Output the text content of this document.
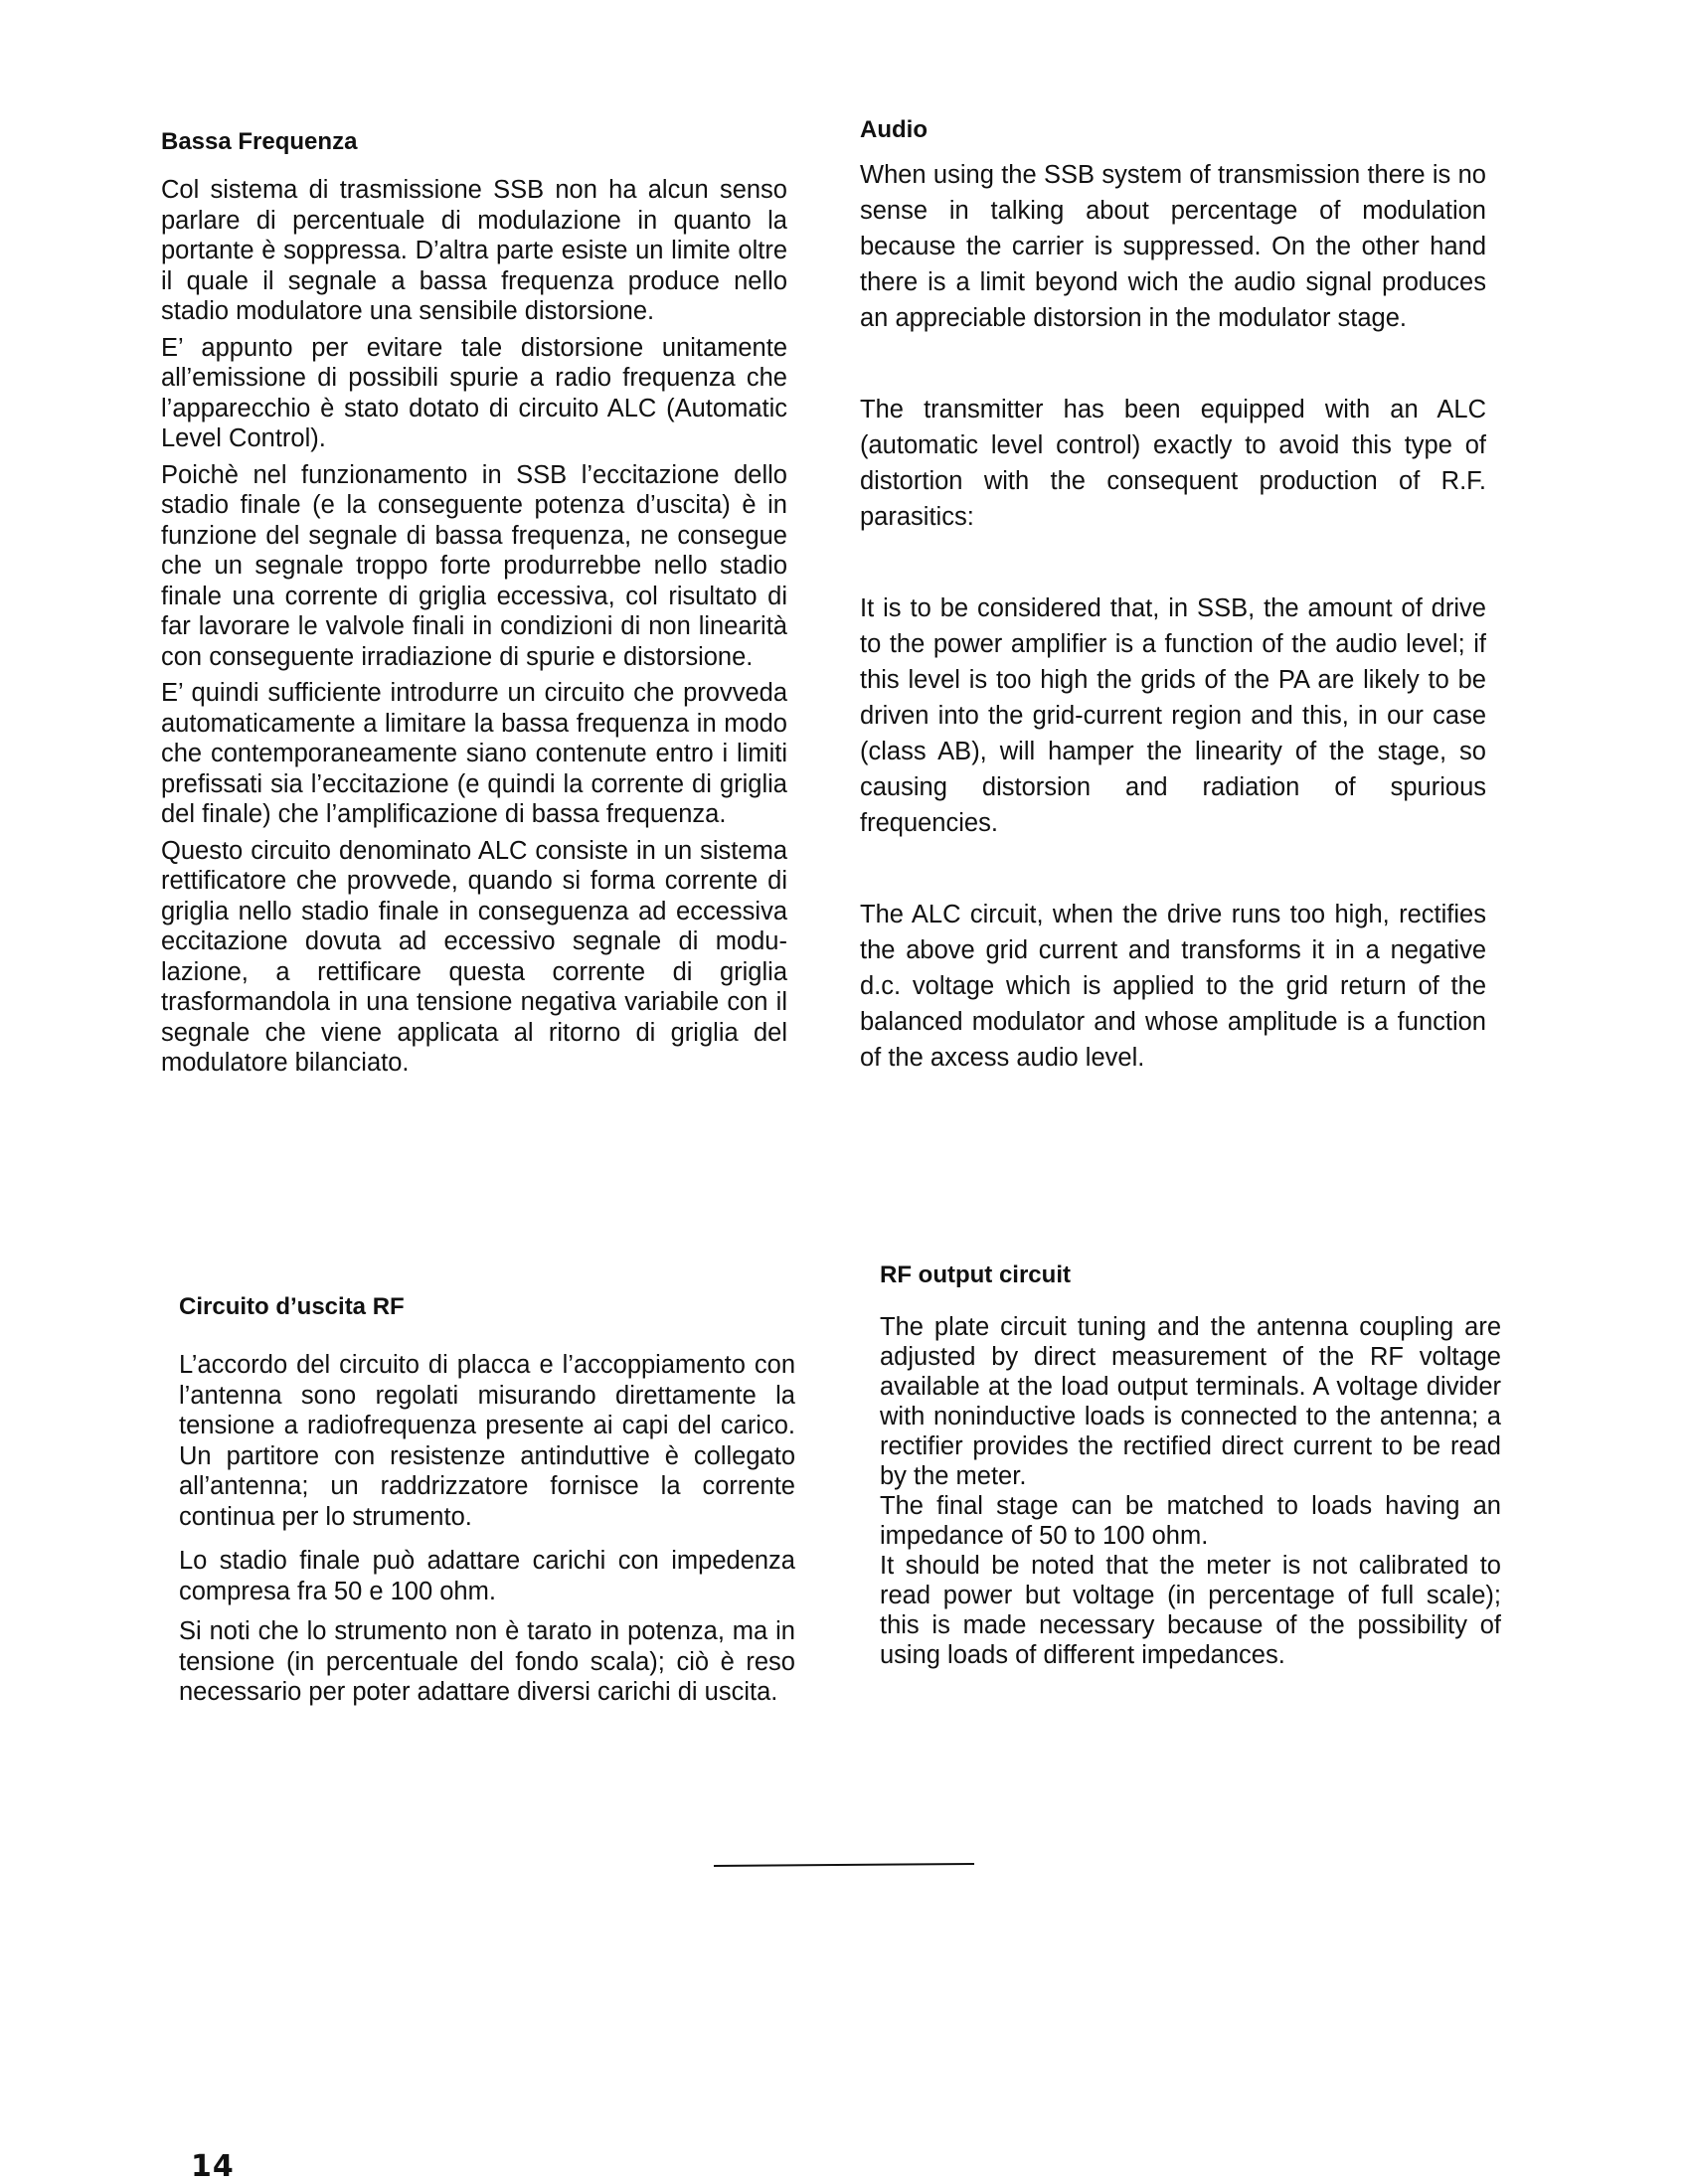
Bassa Frequenza

Col sistema di trasmissione SSB non ha alcun senso parlare di percentuale di modulazione in quanto la portante è soppressa. D’altra parte esiste un limite oltre il quale il segnale a bassa frequenza produce nello stadio modulatore una sensibile distorsione.

E’ appunto per evitare tale distorsione unitamente all’emissione di possibili spurie a radio frequenza che l’apparecchio è stato dotato di circuito ALC (Automatic Level Control).

Poichè nel funzionamento in SSB l’eccitazione dello stadio finale (e la conseguente potenza d’uscita) è in funzione del segnale di bassa frequenza, ne consegue che un segnale troppo forte produrrebbe nello stadio finale una corrente di griglia eccessiva, col risultato di far lavorare le valvole finali in condizioni di non linearità con conseguente irradiazione di spurie e distorsione.

E’ quindi sufficiente introdurre un circuito che provveda automaticamente a limitare la bassa frequenza in modo che contemporaneamente siano contenute entro i limiti prefissati sia l’eccitazione (e quindi la corrente di griglia del finale) che l’amplificazione di bassa frequenza.

Questo circuito denominato ALC consiste in un sistema rettificatore che provvede, quando si forma corrente di griglia nello stadio finale in conseguenza ad eccessiva eccitazione dovuta ad eccessivo segnale di modulazione, a rettificare questa corrente di griglia trasformandola in una tensione negativa variabile con il segnale che viene applicata al ritorno di griglia del modulatore bilanciato.

Circuito d’uscita RF

L’accordo del circuito di placca e l’accoppiamento con l’antenna sono regolati misurando direttamente la tensione a radiofrequenza presente ai capi del carico. Un partitore con resistenze antinduttive è collegato all’antenna; un raddrizzatore fornisce la corrente continua per lo strumento.

Lo stadio finale può adattare carichi con impedenza compresa fra 50 e 100 ohm.

Si noti che lo strumento non è tarato in potenza, ma in tensione (in percentuale del fondo scala); ciò è reso necessario per poter adattare diversi carichi di uscita.

Audio

When using the SSB system of transmission there is no sense in talking about percentage of modulation because the carrier is suppressed. On the other hand there is a limit beyond wich the audio signal produces an appreciable distorsion in the modulator stage.

The transmitter has been equipped with an ALC (automatic level control) exactly to avoid this type of distortion with the consequent production of R.F. parasitics:

It is to be considered that, in SSB, the amount of drive to the power amplifier is a function of the audio level; if this level is too high the grids of the PA are likely to be driven into the grid-current region and this, in our case (class AB), will hamper the linearity of the stage, so causing distorsion and radiation of spurious frequencies.

The ALC circuit, when the drive runs too high, rectifies the above grid current and transforms it in a negative d.c. voltage which is applied to the grid return of the balanced modulator and whose amplitude is a function of the axcess audio level.

RF output circuit

The plate circuit tuning and the antenna coupling are adjusted by direct measurement of the RF voltage available at the load output terminals. A voltage divider with noninductive loads is connected to the antenna; a rectifier provides the rectified direct current to be read by the meter.

The final stage can be matched to loads having an impedance of 50 to 100 ohm.

It should be noted that the meter is not calibrated to read power but voltage (in percentage of full scale); this is made necessary because of the possibility of using loads of different impedances.

14
